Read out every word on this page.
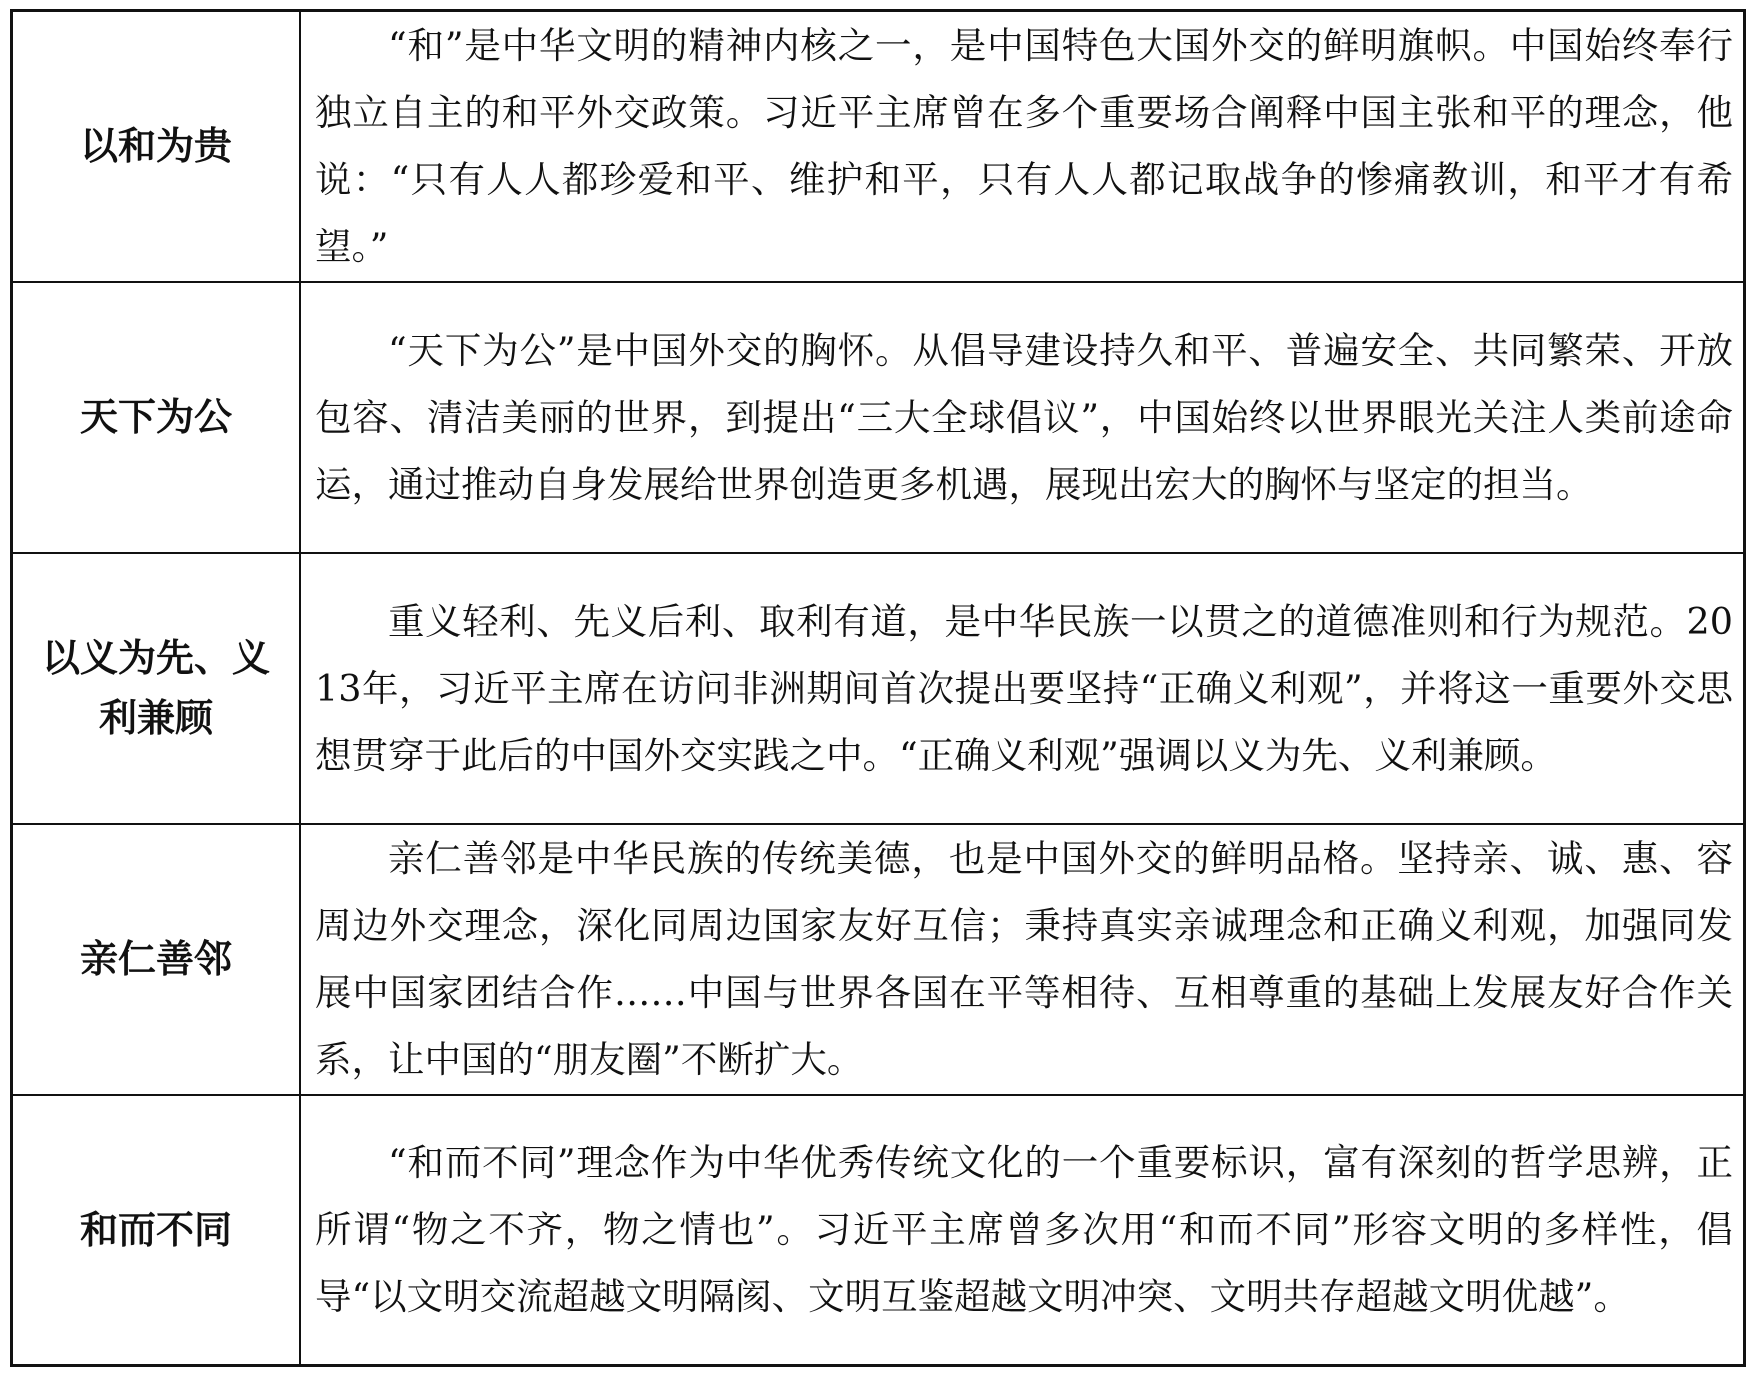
以和为贵	“和”是中华文明的精神内核之一，是中国特色大国外交的鲜明旗帜。中国始终奉行独立自主的和平外交政策。习近平主席曾在多个重要场合阐释中国主张和平的理念，他说：“只有人人都珍爱和平、维护和平，只有人人都记取战争的惨痛教训，和平才有希望。”
天下为公	“天下为公”是中国外交的胸怀。从倡导建设持久和平、普遍安全、共同繁荣、开放包容、清洁美丽的世界，到提出“三大全球倡议”，中国始终以世界眼光关注人类前途命运，通过推动自身发展给世界创造更多机遇，展现出宏大的胸怀与坚定的担当。
以义为先、义利兼顾	重义轻利、先义后利、取利有道，是中华民族一以贯之的道德准则和行为规范。2013年，习近平主席在访问非洲期间首次提出要坚持“正确义利观”，并将这一重要外交思想贯穿于此后的中国外交实践之中。“正确义利观”强调以义为先、义利兼顾。
亲仁善邻	亲仁善邻是中华民族的传统美德，也是中国外交的鲜明品格。坚持亲、诚、惠、容周边外交理念，深化同周边国家友好互信；秉持真实亲诚理念和正确义利观，加强同发展中国家团结合作……中国与世界各国在平等相待、互相尊重的基础上发展友好合作关系，让中国的“朋友圈”不断扩大。
和而不同	“和而不同”理念作为中华优秀传统文化的一个重要标识，富有深刻的哲学思辨，正所谓“物之不齐，物之情也”。习近平主席曾多次用“和而不同”形容文明的多样性，倡导“以文明交流超越文明隔阂、文明互鉴超越文明冲突、文明共存超越文明优越”。
